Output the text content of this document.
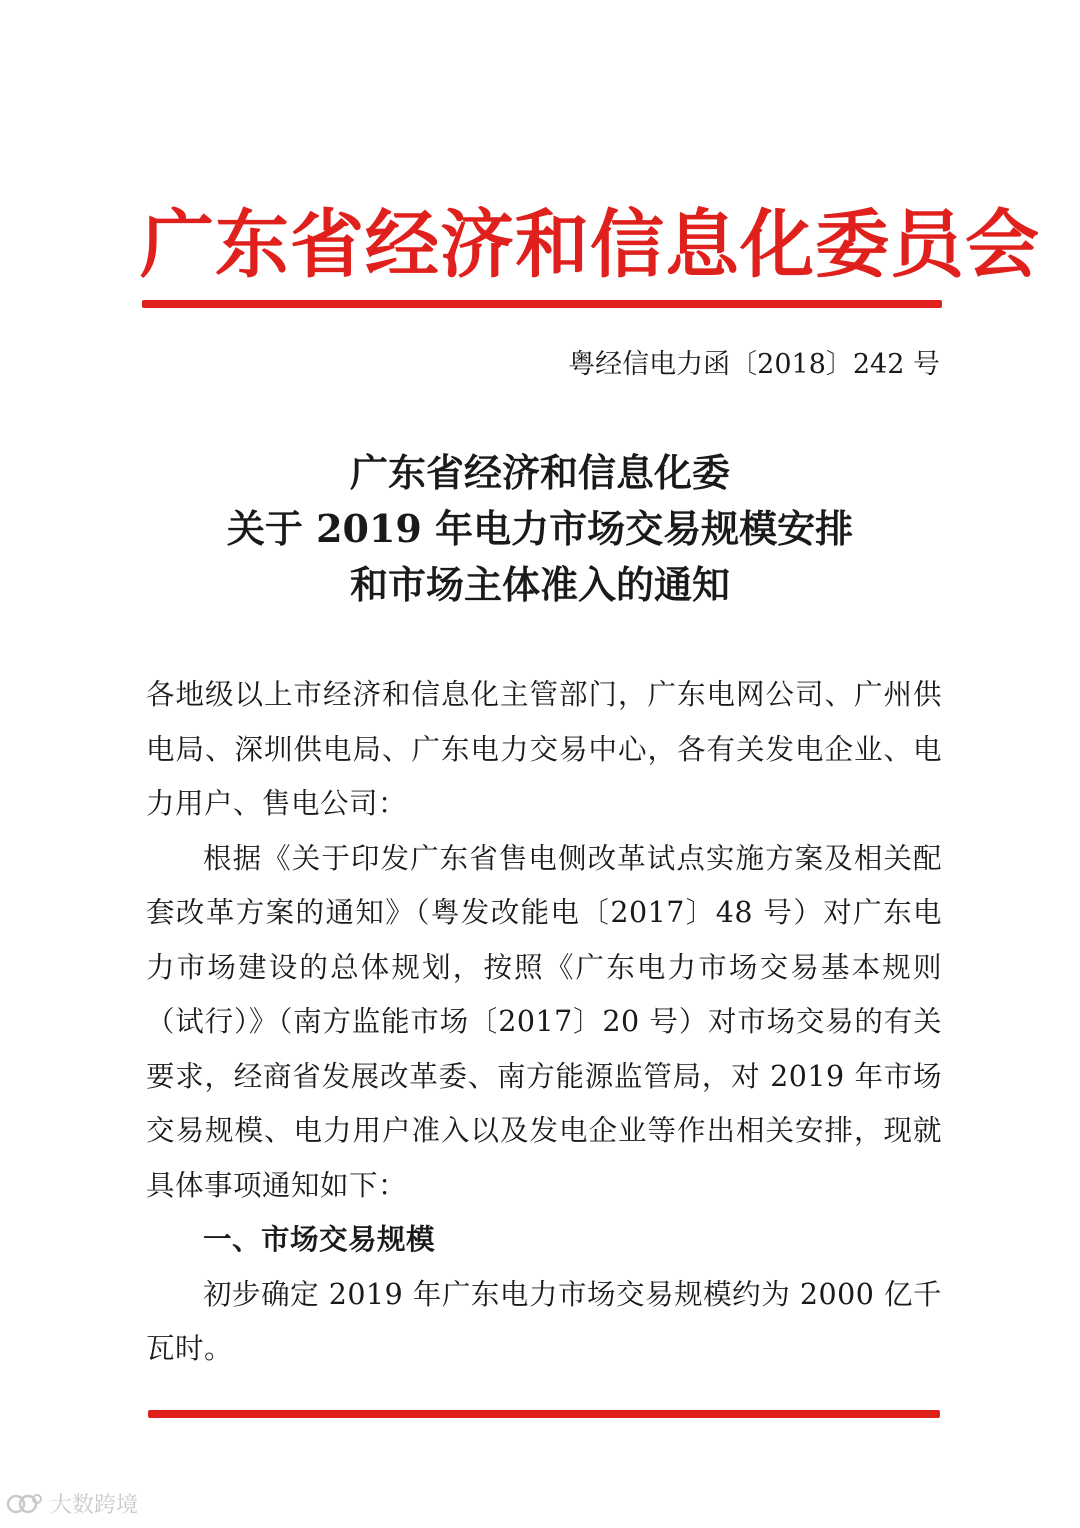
广东省经济和信息化委员会
粤经信电力函〔2018〕242 号
广东省经济和信息化委
关于 2019 年电力市场交易规模安排
和市场主体准入的通知

各地级以上市经济和信息化主管部门，广东电网公司、广州供电局、深圳供电局、广东电力交易中心，各有关发电企业、电力用户、售电公司：

根据《关于印发广东省售电侧改革试点实施方案及相关配套改革方案的通知》（粤发改能电〔2017〕48 号）对广东电力市场建设的总体规划，按照《广东电力市场交易基本规则（试行）》（南方监能市场〔2017〕20 号）对市场交易的有关要求，经商省发展改革委、南方能源监管局，对 2019 年市场交易规模、电力用户准入以及发电企业等作出相关安排，现就具体事项通知如下：

一、市场交易规模

初步确定 2019 年广东电力市场交易规模约为 2000 亿千瓦时。

大数跨境
